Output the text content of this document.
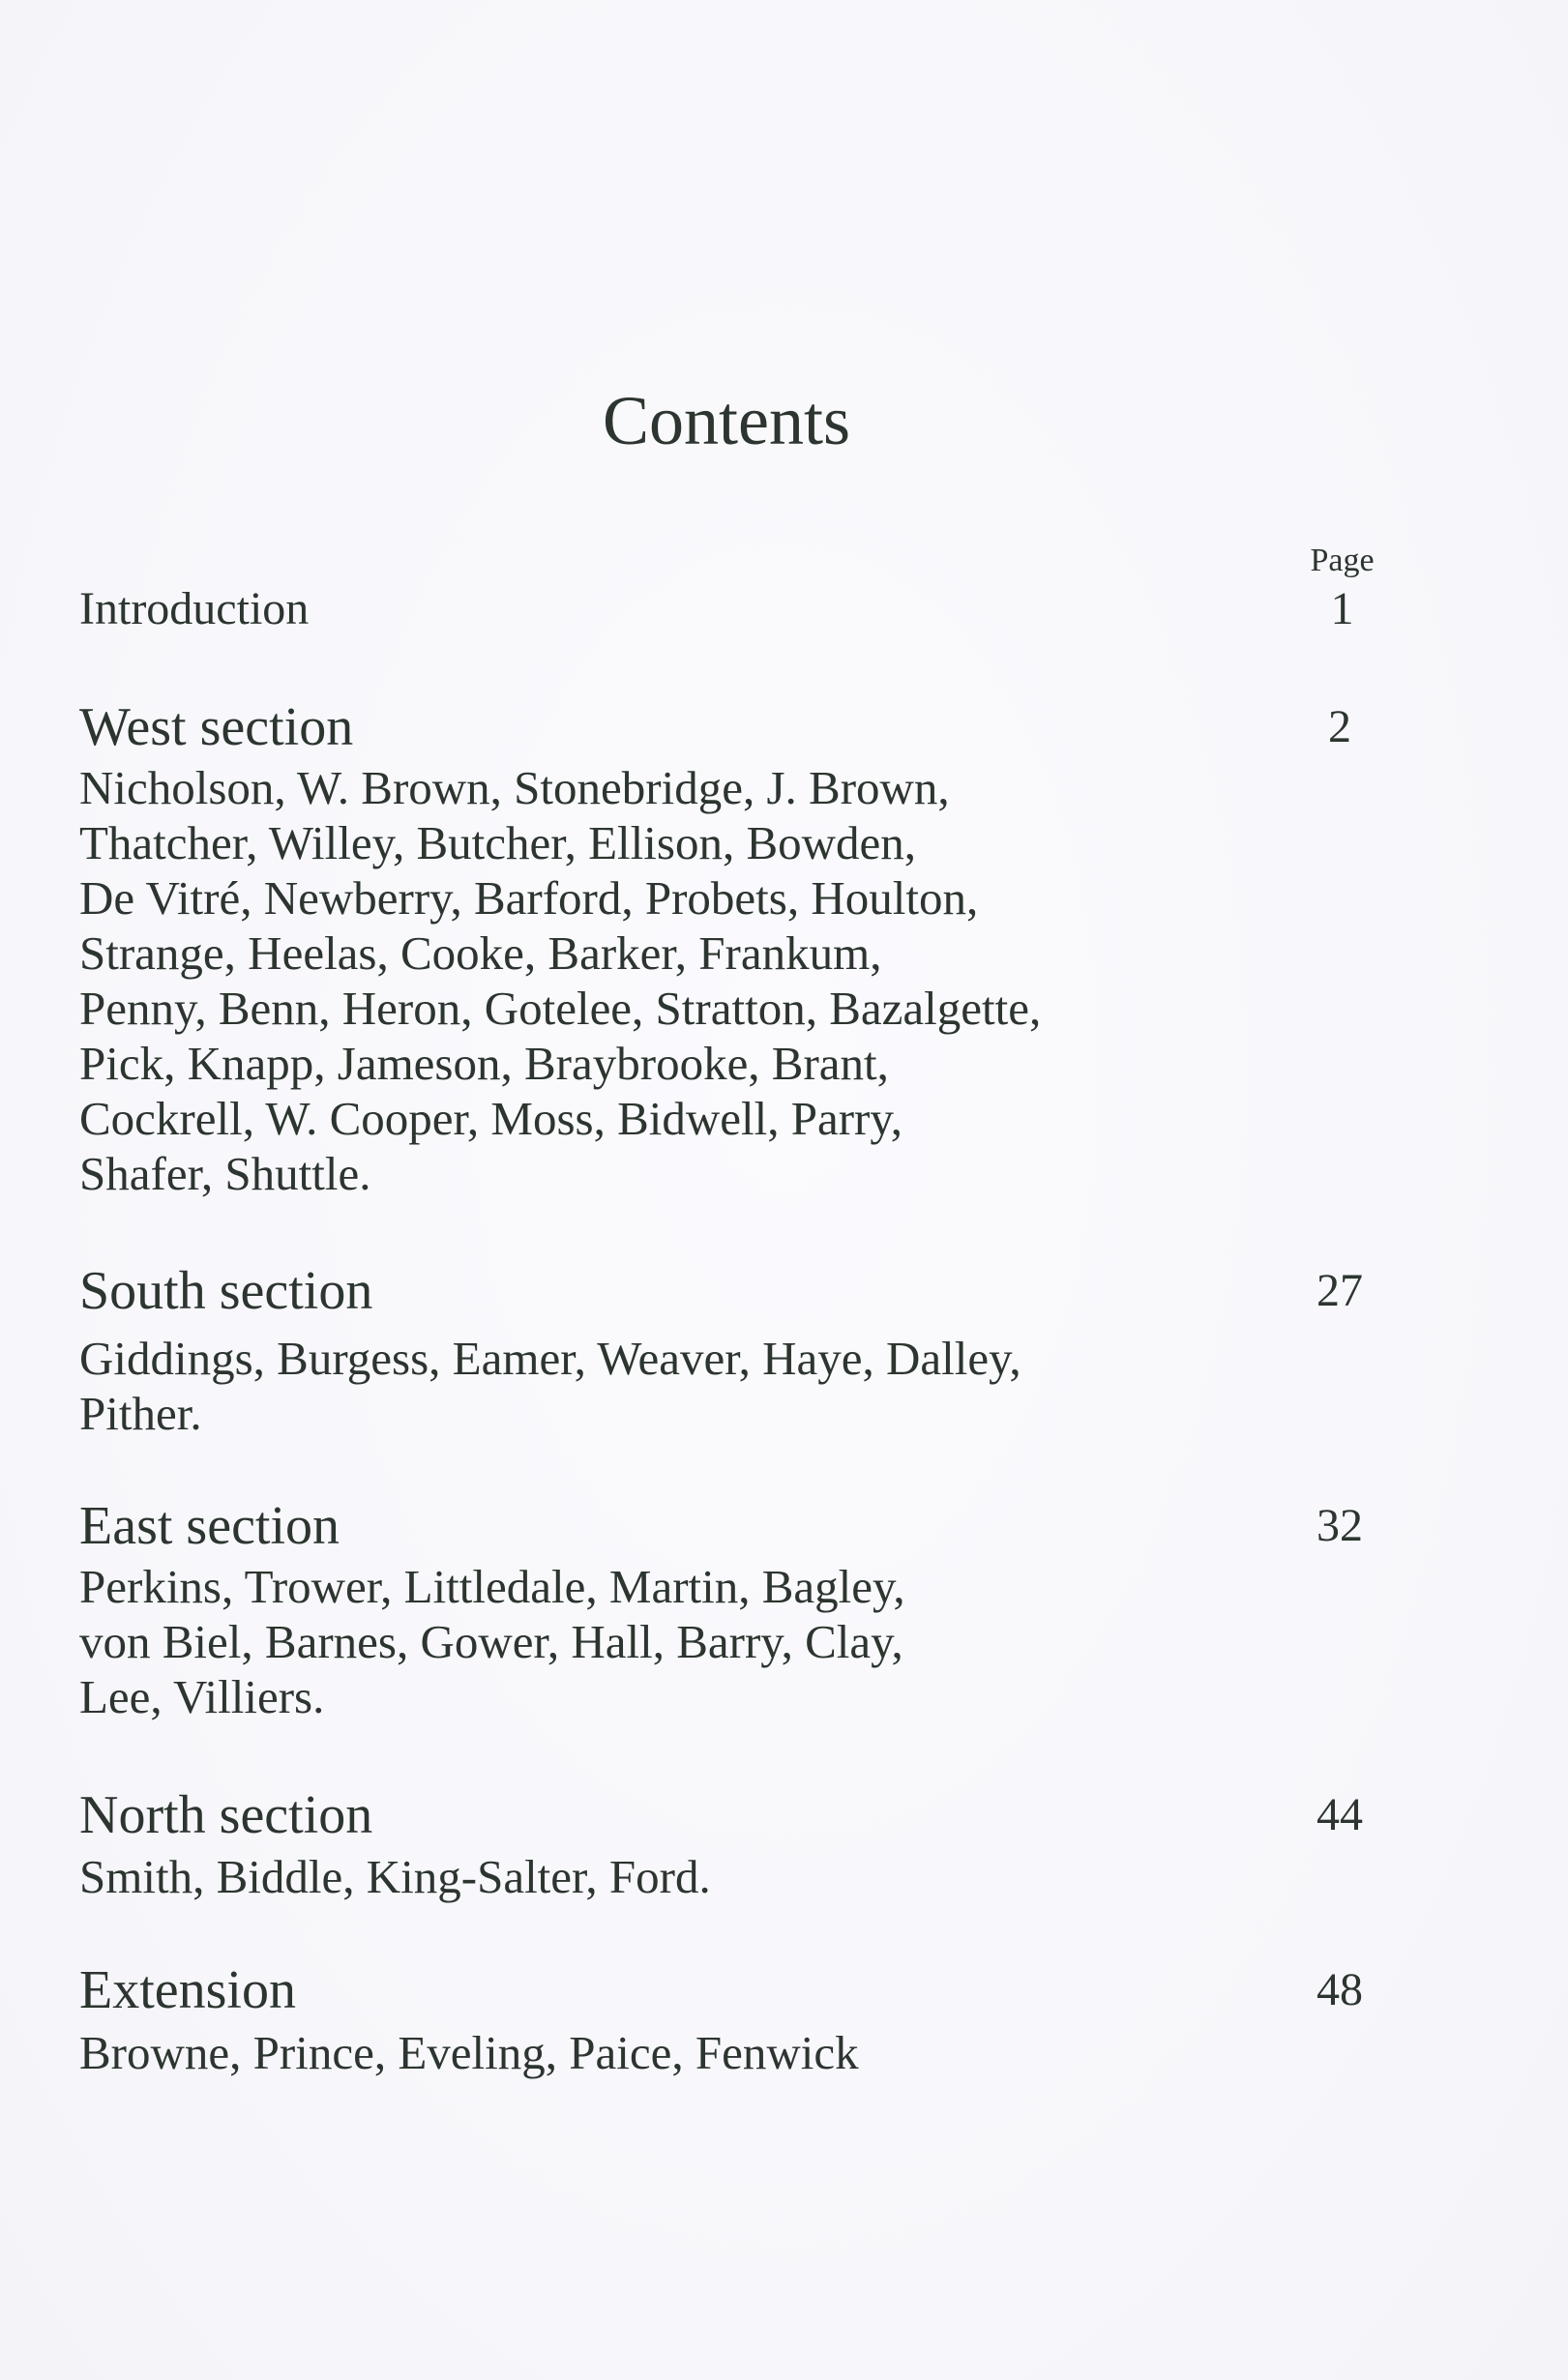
Contents
Page
Introduction	1
West section	2
Nicholson, W. Brown, Stonebridge, J. Brown,
Thatcher, Willey, Butcher, Ellison, Bowden,
De Vitré, Newberry, Barford, Probets, Houlton,
Strange, Heelas, Cooke, Barker, Frankum,
Penny, Benn, Heron, Gotelee, Stratton, Bazalgette,
Pick, Knapp, Jameson, Braybrooke, Brant,
Cockrell, W. Cooper, Moss, Bidwell, Parry,
Shafer, Shuttle.
South section	27
Giddings, Burgess, Eamer, Weaver, Haye, Dalley,
Pither.
East section	32
Perkins, Trower, Littledale, Martin, Bagley,
von Biel, Barnes, Gower, Hall, Barry, Clay,
Lee, Villiers.
North section	44
Smith, Biddle, King-Salter, Ford.
Extension	48
Browne, Prince, Eveling, Paice, Fenwick
